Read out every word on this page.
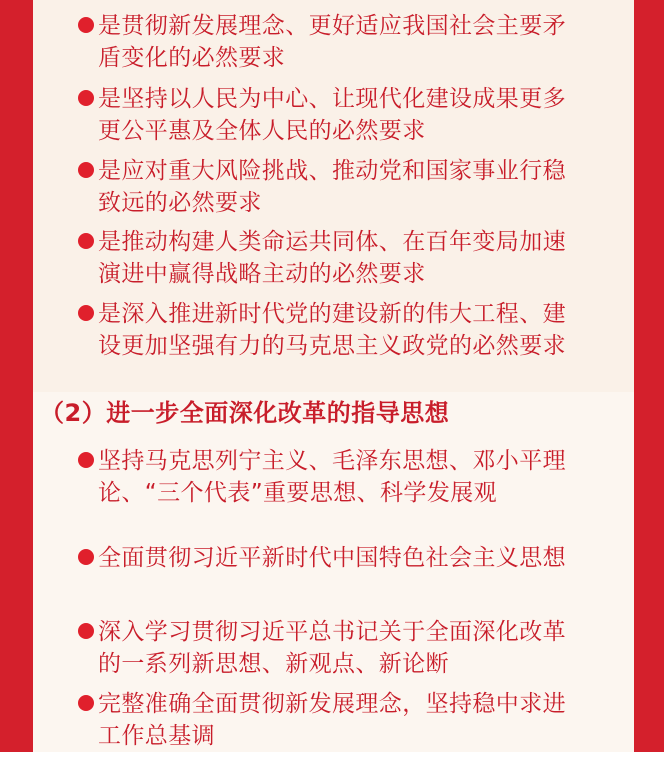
是贯彻新发展理念、更好适应我国社会主要矛盾变化的必然要求
是坚持以人民为中心、让现代化建设成果更多更公平惠及全体人民的必然要求
是应对重大风险挑战、推动党和国家事业行稳致远的必然要求
是推动构建人类命运共同体、在百年变局加速演进中赢得战略主动的必然要求
是深入推进新时代党的建设新的伟大工程、建设更加坚强有力的马克思主义政党的必然要求
（2）进一步全面深化改革的指导思想
坚持马克思列宁主义、毛泽东思想、邓小平理论、“三个代表”重要思想、科学发展观
全面贯彻习近平新时代中国特色社会主义思想
深入学习贯彻习近平总书记关于全面深化改革的一系列新思想、新观点、新论断
完整准确全面贯彻新发展理念，坚持稳中求进工作总基调
